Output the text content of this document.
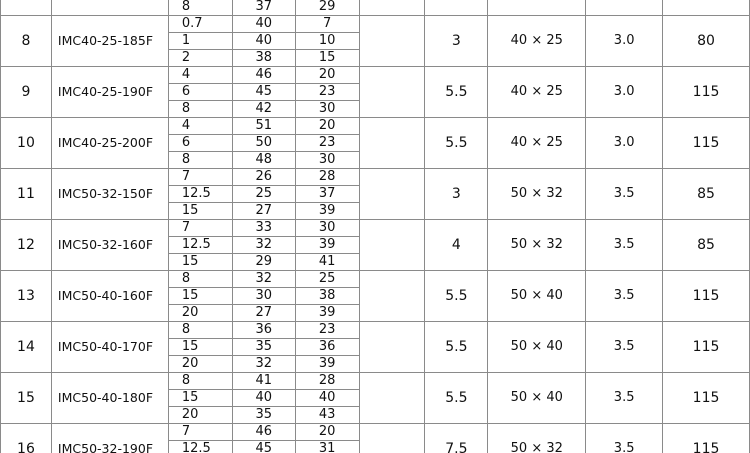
		8	37	29					
8	IMC40-25-185F	0.7	40	7		3	40 × 25	3.0	80
		1	40	10					
		2	38	15					
9	IMC40-25-190F	4	46	20		5.5	40 × 25	3.0	115
		6	45	23					
		8	42	30					
10	IMC40-25-200F	4	51	20		5.5	40 × 25	3.0	115
		6	50	23					
		8	48	30					
11	IMC50-32-150F	7	26	28		3	50 × 32	3.5	85
		12.5	25	37					
		15	27	39					
12	IMC50-32-160F	7	33	30		4	50 × 32	3.5	85
		12.5	32	39					
		15	29	41					
13	IMC50-40-160F	8	32	25		5.5	50 × 40	3.5	115
		15	30	38					
		20	27	39					
14	IMC50-40-170F	8	36	23		5.5	50 × 40	3.5	115
		15	35	36					
		20	32	39					
15	IMC50-40-180F	8	41	28		5.5	50 × 40	3.5	115
		15	40	40					
		20	35	43					
16	IMC50-32-190F	7	46	20		7.5	50 × 32	3.5	115
		12.5	45	31					
